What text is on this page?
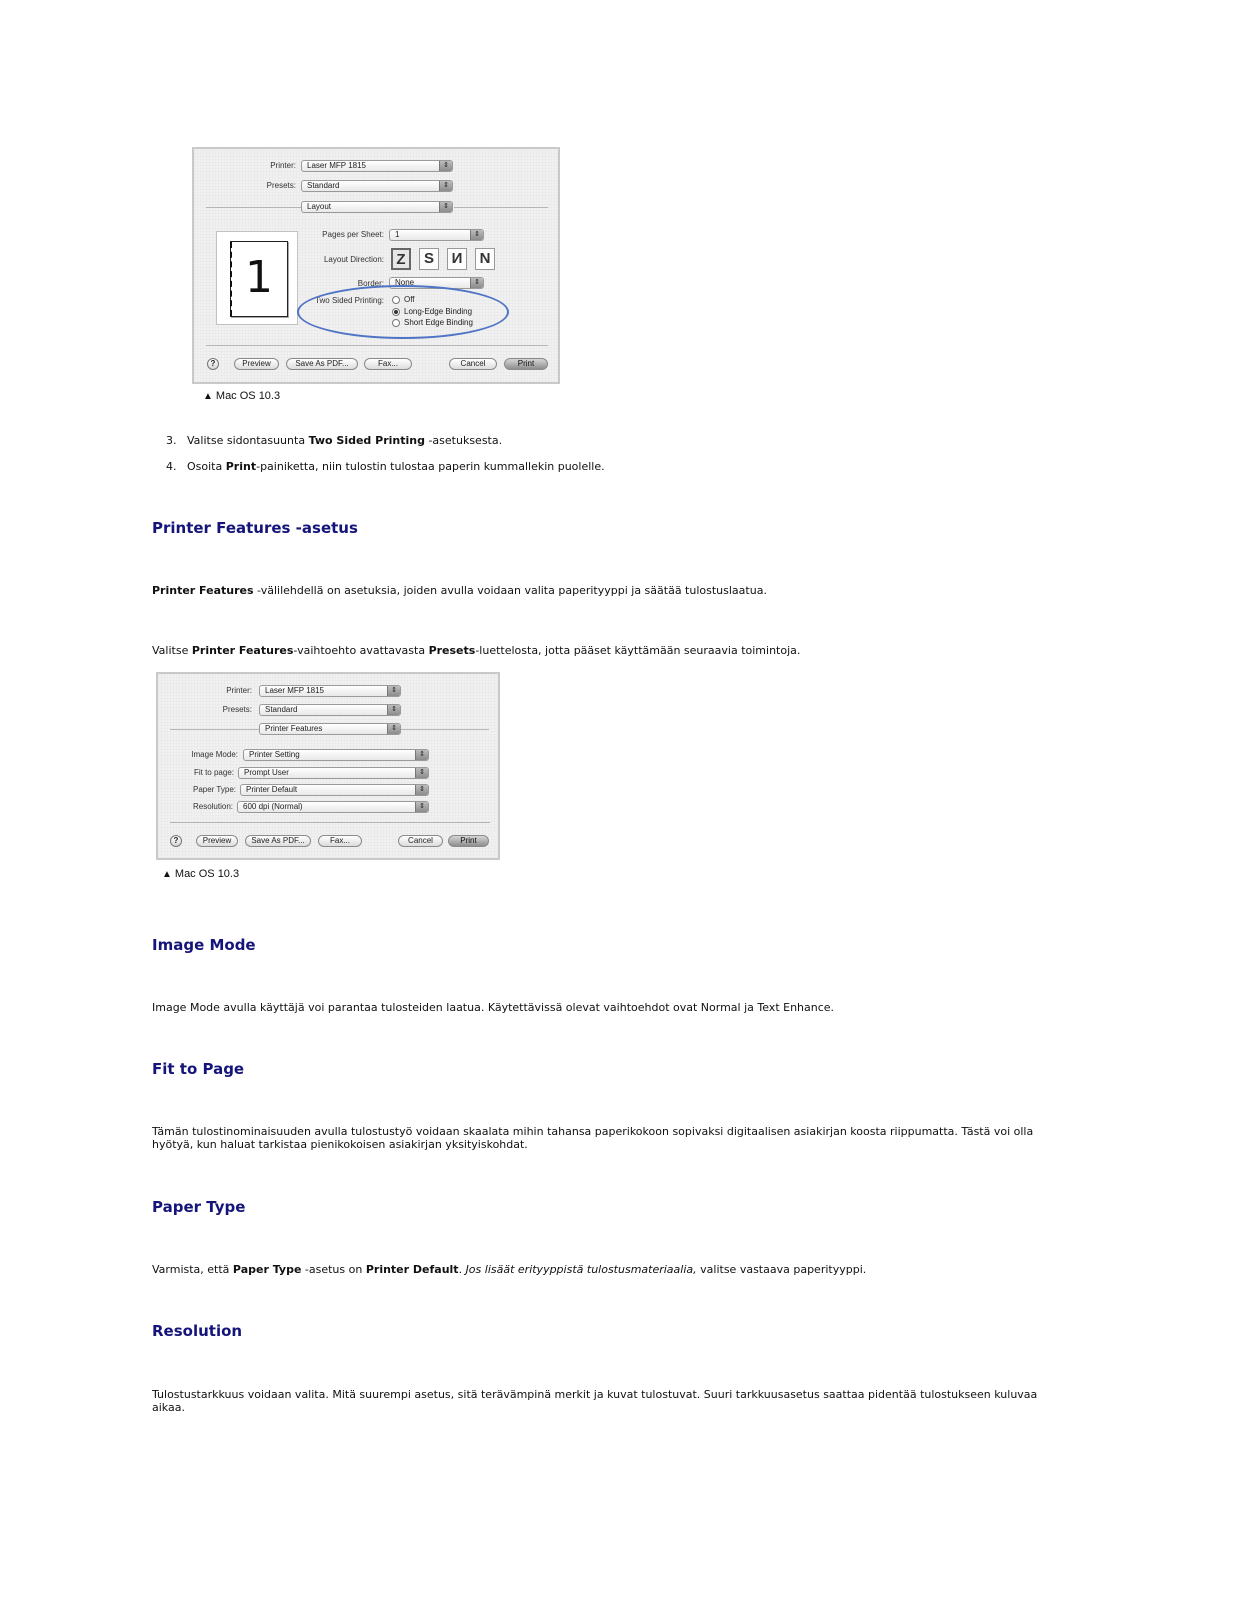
Printer:	Laser MFP 1815	⇕
Presets:	Standard	⇕
Layout	⇕
1
Pages per Sheet:	1	⇕
Layout Direction: Z	S	И	N
Border:	None	⇕
Two Sided Printing:	Off
Long-Edge Binding
Short Edge Binding
?	Preview	Save As PDF...	Fax...	Cancel	Print
▲ Mac OS 10.3
3. Valitse sidontasuunta Two Sided Printing -asetuksesta.
4. Osoita Print-painiketta, niin tulostin tulostaa paperin kummallekin puolelle.
Printer Features -asetus
Printer Features -välilehdellä on asetuksia, joiden avulla voidaan valita paperityyppi ja säätää tulostuslaatua.
Valitse Printer Features-vaihtoehto avattavasta Presets-luettelosta, jotta pääset käyttämään seuraavia toimintoja.
Printer:	Laser MFP 1815	⇕
Presets:	Standard	⇕
Printer Features	⇕
Image Mode:	Printer Setting	⇕
Fit to page:	Prompt User	⇕
Paper Type:	Printer Default	⇕
Resolution:	600 dpi (Normal)	⇕
?	Preview	Save As PDF...	Fax...	Cancel	Print
▲ Mac OS 10.3
Image Mode
Image Mode avulla käyttäjä voi parantaa tulosteiden laatua. Käytettävissä olevat vaihtoehdot ovat Normal ja Text Enhance.
Fit to Page
Tämän tulostinominaisuuden avulla tulostustyö voidaan skaalata mihin tahansa paperikokoon sopivaksi digitaalisen asiakirjan koosta riippumatta. Tästä voi olla hyötyä, kun haluat tarkistaa pienikokoisen asiakirjan yksityiskohdat.
Paper Type
Varmista, että Paper Type -asetus on Printer Default. Jos lisäät erityyppistä tulostusmateriaalia, valitse vastaava paperityyppi.
Resolution
Tulostustarkkuus voidaan valita. Mitä suurempi asetus, sitä terävämpinä merkit ja kuvat tulostuvat. Suuri tarkkuusasetus saattaa pidentää tulostukseen kuluvaa aikaa.
